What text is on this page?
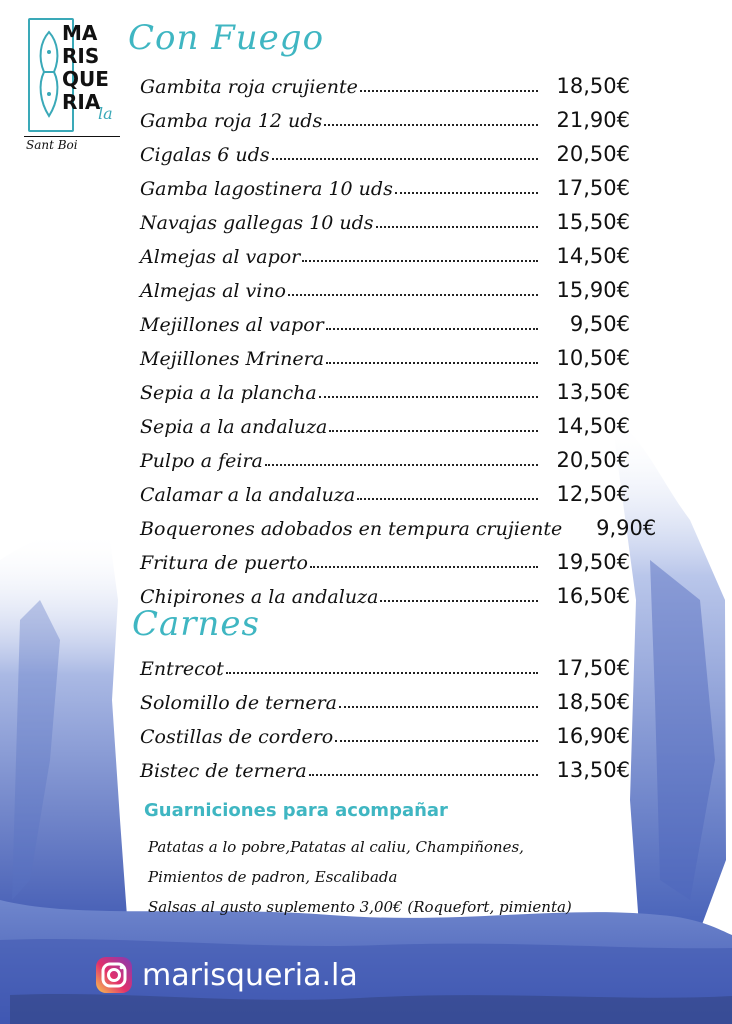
MA
RIS
QUE
RIA
la
Sant Boi
Con Fuego
Gambita roja crujiente	18,50€
Gamba roja 12 uds	21,90€
Cigalas 6 uds	20,50€
Gamba lagostinera 10 uds	17,50€
Navajas gallegas 10 uds	15,50€
Almejas al vapor	14,50€
Almejas al vino	15,90€
Mejillones al vapor	9,50€
Mejillones Mrinera	10,50€
Sepia a la plancha	13,50€
Sepia a la andaluza	14,50€
Pulpo a feira	20,50€
Calamar a la andaluza	12,50€
Boquerones adobados en tempura crujiente	9,90€
Fritura de puerto	19,50€
Chipirones a la andaluza	16,50€
Carnes
Entrecot	17,50€
Solomillo de ternera	18,50€
Costillas de cordero	16,90€
Bistec de ternera	13,50€
Guarniciones para acompañar
Patatas a lo pobre,Patatas al caliu, Champiñones,
Pimientos de padron, Escalibada
Salsas al gusto suplemento 3,00€ (Roquefort, pimienta)
marisqueria.la
